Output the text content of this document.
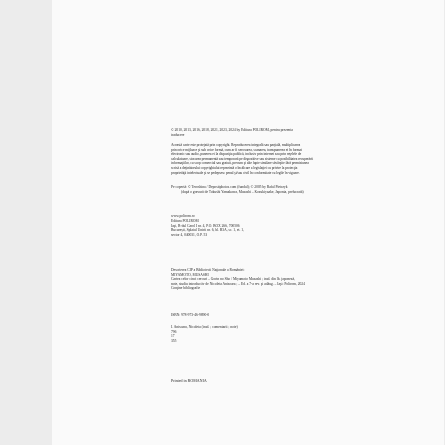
© 2010, 2013, 2016, 2018, 2021, 2023, 2024 by Editura POLIROM, pentru prezenta
traducere
Această carte este protejată prin copyright. Reproducerea integrală sau parţială, multiplicarea
prin orice mijloace şi sub orice formă, cum ar fi xeroxarea, scanarea, transpunerea ei în format
electronic sau audio, punerea ei la dispoziţia publică, inclusiv prin internet sau prin reţelele de
calculatoare, stocarea permanentă sau temporară pe dispozitive sau sisteme cu posibilitatea recuperării
informaţiilor, cu scop comercial sau gratuit, precum şi alte fapte similare săvârşite fără permisiunea
scrisă a deţinătorului copyrightului reprezintă o încălcare a legislaţiei cu privire la protecţia
proprietăţii intelectuale şi se pedepsesc penal şi/sau civil în conformitate cu legile în vigoare.
Pe copertă: © Teroshina / Depositphotos.com (fundal); © 2005 by Rafal Pietrzyk
(după o gravură de Tokushi Yamakawa, Musashi – Kozukiyaake, Japonia, prelucrată)
www.polirom.ro
Editura POLIROM
Iaşi, B-dul Carol I nr. 4, P.O. BOX 266, 700506
București, Splaiul Unirii nr. 6, bl. B3A, sc. 1, et. 1,
sector 4, 040031, O.P. 53
Descrierea CIP a Bibliotecii Naţionale a României:
MIYAMOTO, MUSASHI
Cartea celor cinci cercuri – Gorin no Sho / Miyamoto Musashi ; trad. din lb. japoneză,
note, studiu introductiv de Nicoleta Anisoara ; – Ed. a 7-a rev. şi adăug. – Iaşi: Polirom, 2024
Conţine bibliografie
ISBN: 978-973-46-9890-0
I. Anisoara, Nicoleta (trad. ; comentarii ; note)
796
17
355
Printed in ROMANIA
